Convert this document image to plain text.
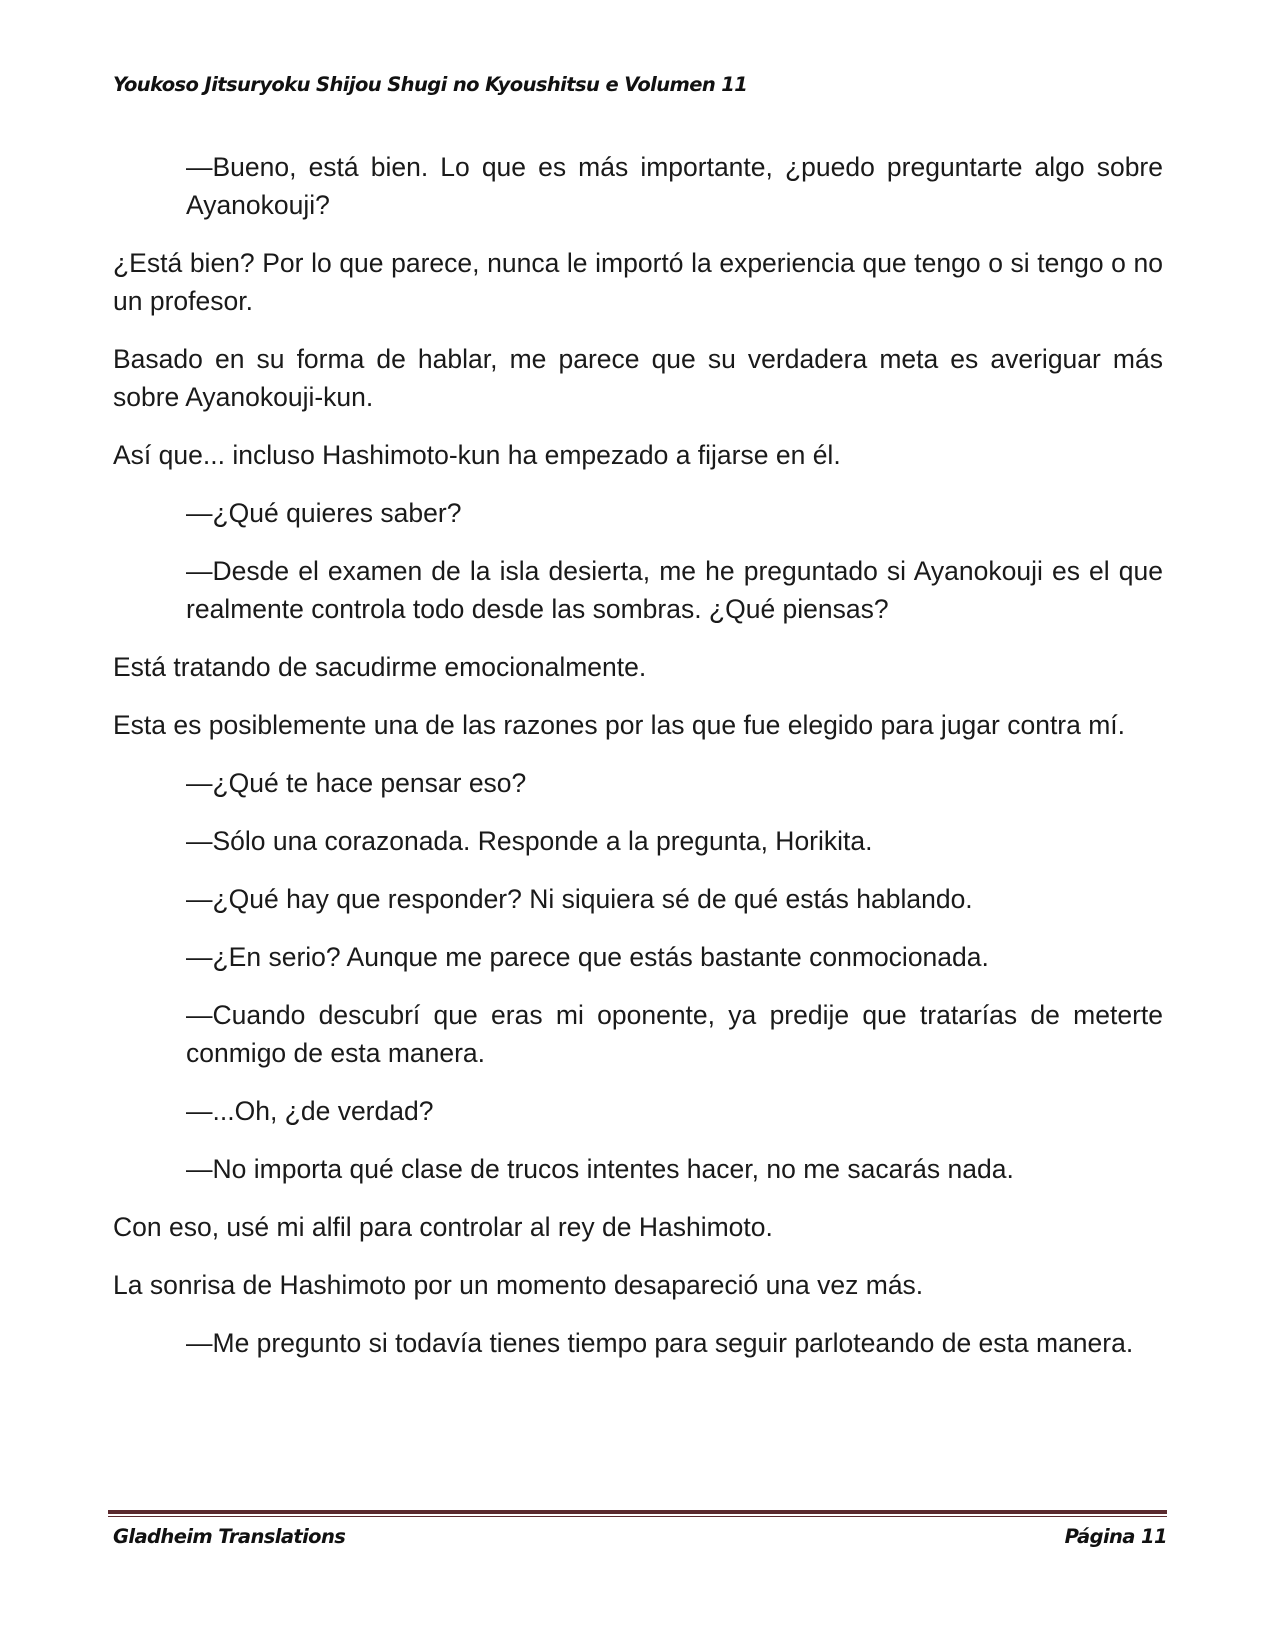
Youkoso Jitsuryoku Shijou Shugi no Kyoushitsu e Volumen 11

—Bueno, está bien. Lo que es más importante, ¿puedo preguntarte algo sobre Ayanokouji?

¿Está bien? Por lo que parece, nunca le importó la experiencia que tengo o si tengo o no un profesor.

Basado en su forma de hablar, me parece que su verdadera meta es averiguar más sobre Ayanokouji-kun.

Así que... incluso Hashimoto-kun ha empezado a fijarse en él.

—¿Qué quieres saber?

—Desde el examen de la isla desierta, me he preguntado si Ayanokouji es el que realmente controla todo desde las sombras. ¿Qué piensas?

Está tratando de sacudirme emocionalmente.

Esta es posiblemente una de las razones por las que fue elegido para jugar contra mí.

—¿Qué te hace pensar eso?

—Sólo una corazonada. Responde a la pregunta, Horikita.

—¿Qué hay que responder? Ni siquiera sé de qué estás hablando.

—¿En serio? Aunque me parece que estás bastante conmocionada.

—Cuando descubrí que eras mi oponente, ya predije que tratarías de meterte conmigo de esta manera.

—...Oh, ¿de verdad?

—No importa qué clase de trucos intentes hacer, no me sacarás nada.

Con eso, usé mi alfil para controlar al rey de Hashimoto.

La sonrisa de Hashimoto por un momento desapareció una vez más.

—Me pregunto si todavía tienes tiempo para seguir parloteando de esta manera.

Gladheim Translations	Página 11
